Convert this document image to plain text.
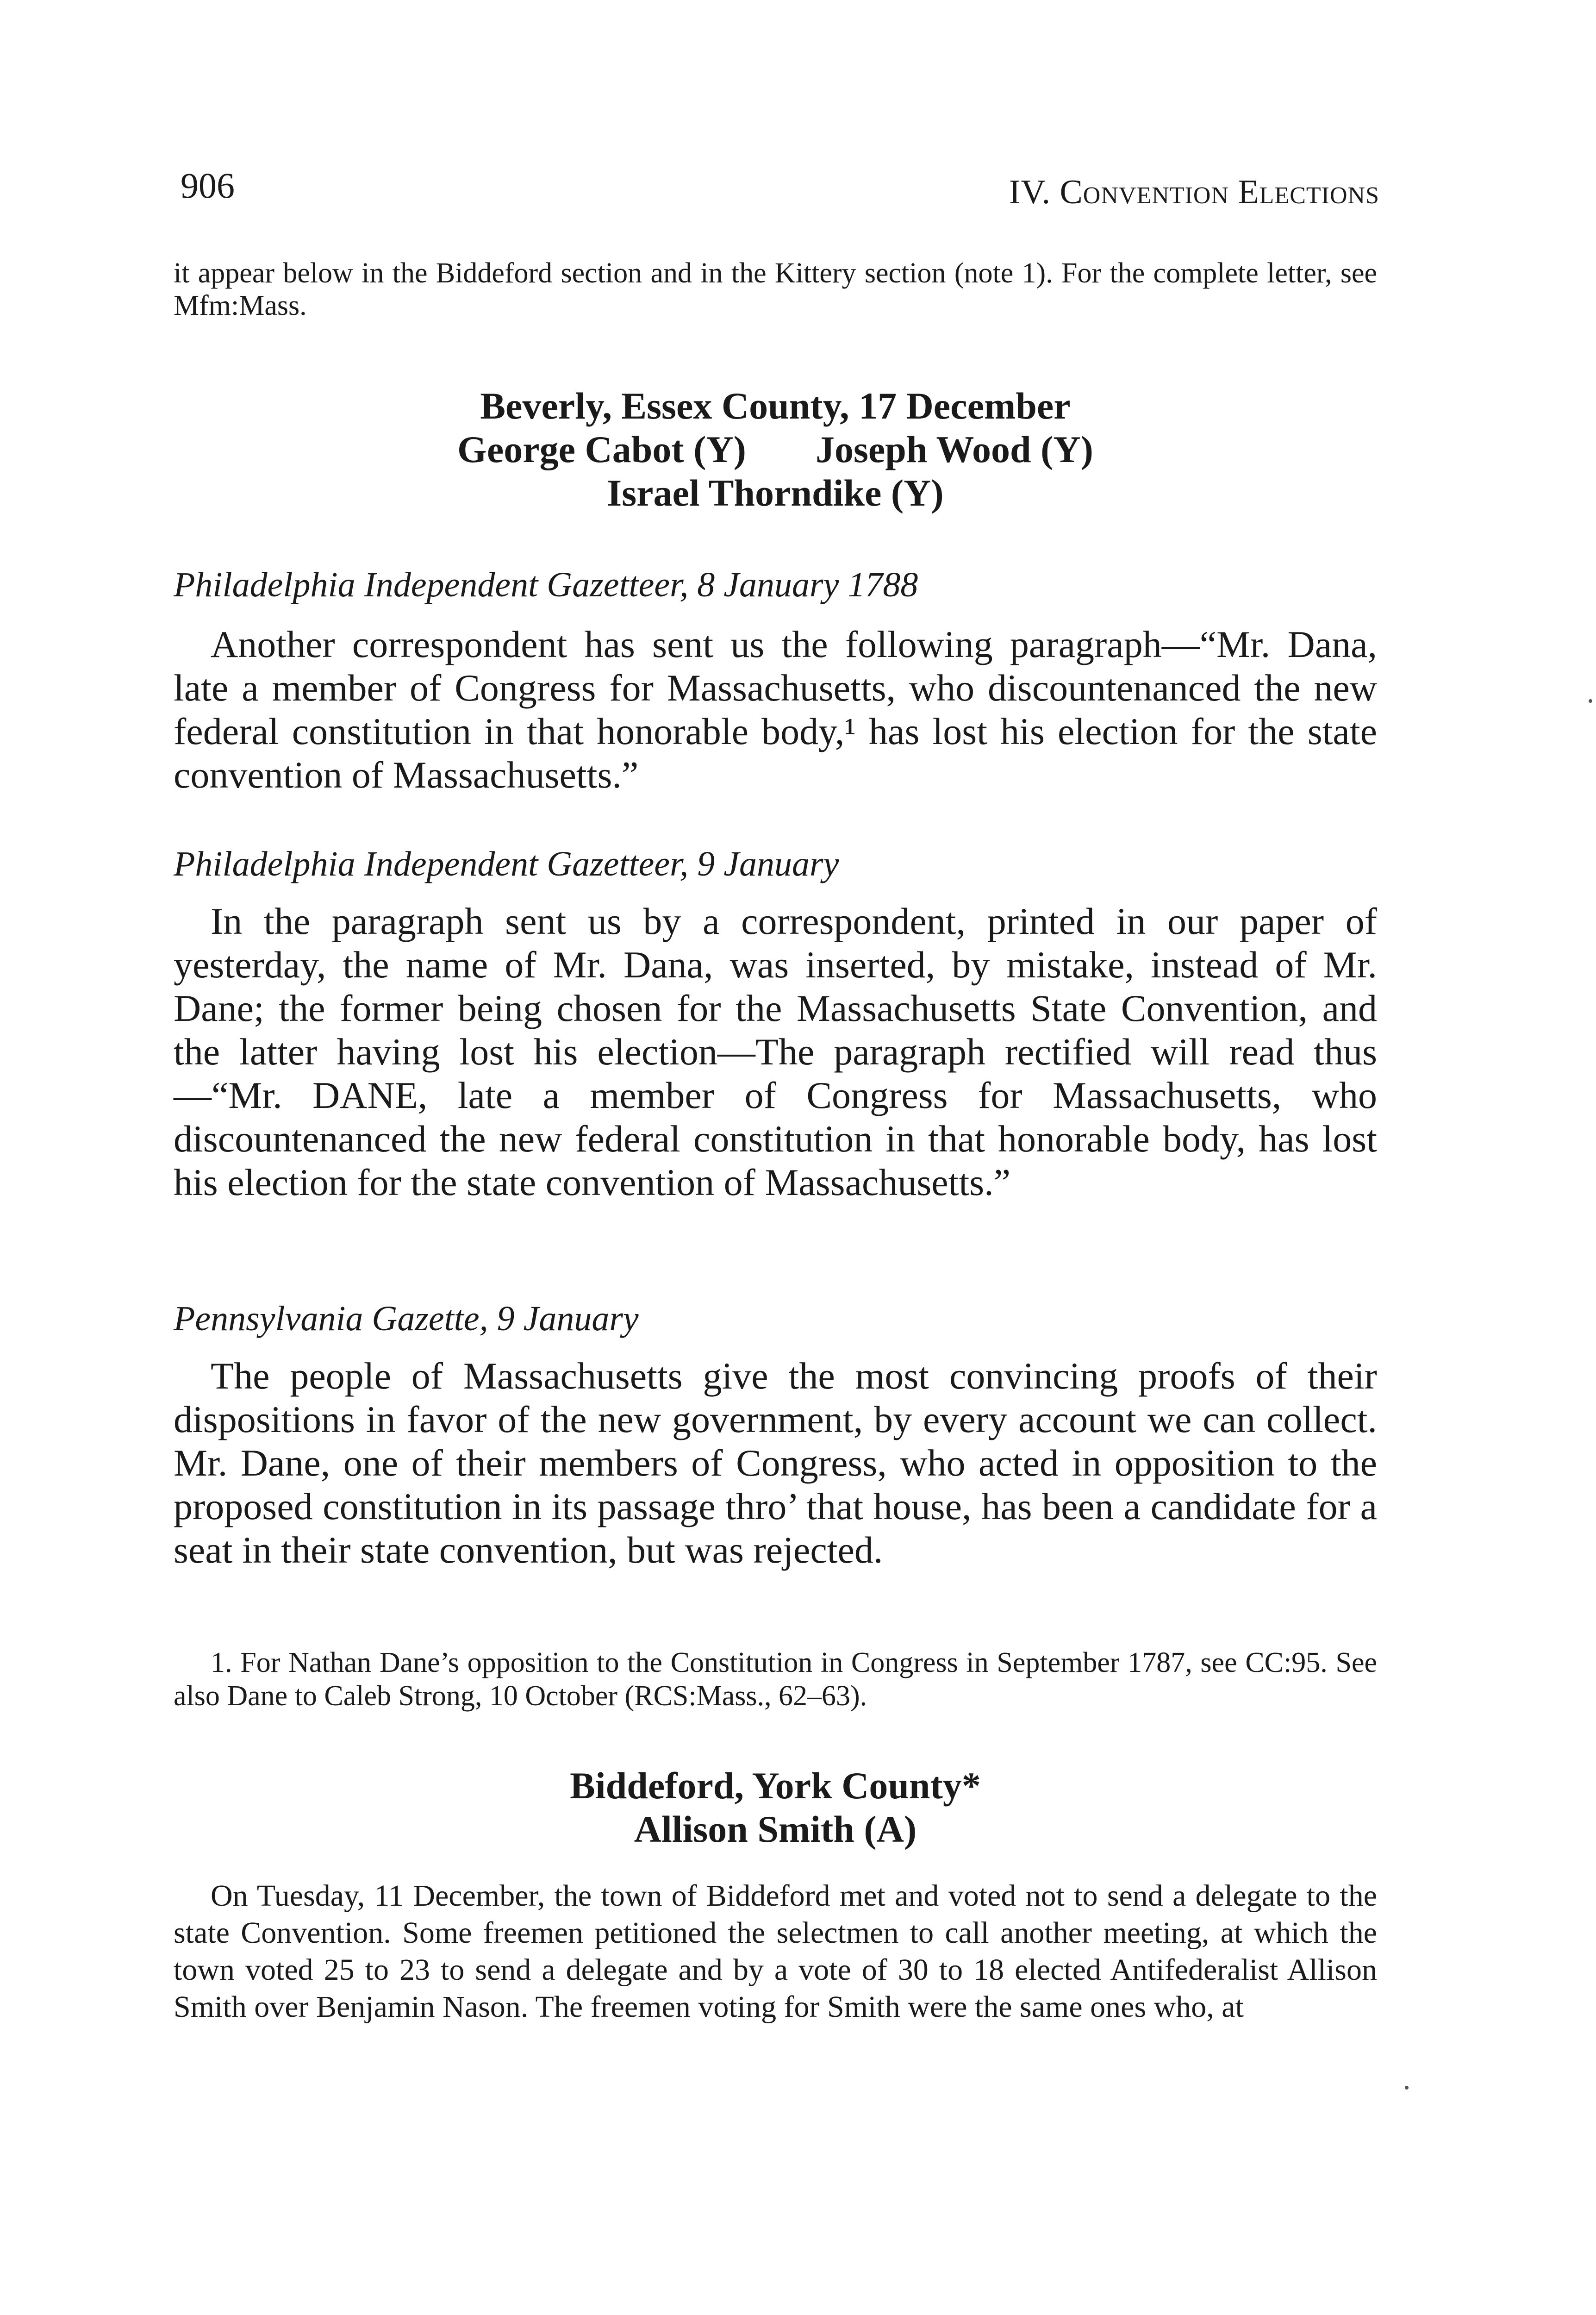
906	IV. Convention Elections
it appear below in the Biddeford section and in the Kittery section (note 1). For the complete letter, see Mfm:Mass.
Beverly, Essex County, 17 December
George Cabot (Y) Joseph Wood (Y)
Israel Thorndike (Y)
Philadelphia Independent Gazetteer, 8 January 1788
Another correspondent has sent us the following paragraph—“Mr. Dana, late a member of Congress for Massachusetts, who discountenanced the new federal constitution in that honorable body,¹ has lost his election for the state convention of Massachusetts.”
Philadelphia Independent Gazetteer, 9 January
In the paragraph sent us by a correspondent, printed in our paper of yesterday, the name of Mr. Dana, was inserted, by mistake, instead of Mr. Dane; the former being chosen for the Massachusetts State Convention, and the latter having lost his election—The paragraph rectified will read thus—“Mr. DANE, late a member of Congress for Massachusetts, who discountenanced the new federal constitution in that honorable body, has lost his election for the state convention of Massachusetts.”
Pennsylvania Gazette, 9 January
The people of Massachusetts give the most convincing proofs of their dispositions in favor of the new government, by every account we can collect. Mr. Dane, one of their members of Congress, who acted in opposition to the proposed constitution in its passage thro’ that house, has been a candidate for a seat in their state convention, but was rejected.
1. For Nathan Dane’s opposition to the Constitution in Congress in September 1787, see CC:95. See also Dane to Caleb Strong, 10 October (RCS:Mass., 62–63).
Biddeford, York County*
Allison Smith (A)
On Tuesday, 11 December, the town of Biddeford met and voted not to send a delegate to the state Convention. Some freemen petitioned the selectmen to call another meeting, at which the town voted 25 to 23 to send a delegate and by a vote of 30 to 18 elected Antifederalist Allison Smith over Benjamin Nason. The freemen voting for Smith were the same ones who, at
